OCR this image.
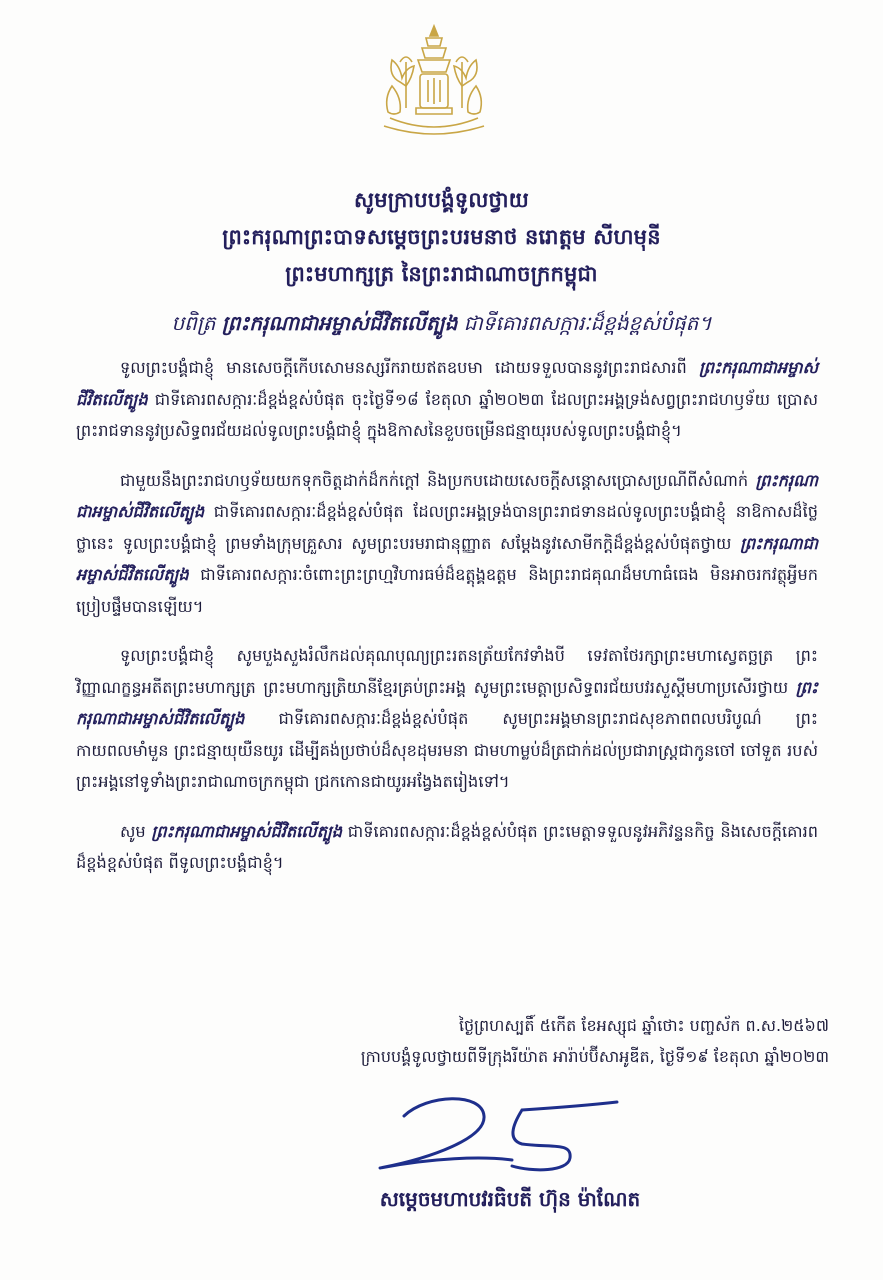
សូមក្រាបបង្គំទូលថ្វាយ
ព្រះករុណាព្រះបាទសម្តេចព្រះបរមនាថ នរោត្តម សីហមុនី
ព្រះមហាក្សត្រ នៃព្រះរាជាណាចក្រកម្ពុជា
បពិត្រ ព្រះករុណាជាអម្ចាស់ជីវិតលើត្បូង ជាទីគោរពសក្ការៈដ៏ខ្ពង់ខ្ពស់បំផុត។

ទូលព្រះបង្គំជាខ្ញុំ មានសេចក្តីកើបសោមនស្សរីករាយឥតឧបមា ដោយទទួលបាននូវព្រះរាជសារពី ព្រះករុណាជាអម្ចាស់ជីវិតលើត្បូង ជាទីគោរពសក្ការៈដ៏ខ្ពង់ខ្ពស់បំផុត ចុះថ្ងៃទី១៨ ខែតុលា ឆ្នាំ២០២៣ ដែលព្រះអង្គទ្រង់សព្វព្រះរាជហឫទ័យ ប្រោសព្រះរាជទាននូវប្រសិទ្ធពរជ័យដល់ទូលព្រះបង្គំជាខ្ញុំ ក្នុងឱកាសនៃខួបចម្រើនជន្មាយុរបស់ទូលព្រះបង្គំជាខ្ញុំ។

ជាមួយនឹងព្រះរាជហឫទ័យយកទុកចិត្តដាក់ដ៏កក់ក្តៅ និងប្រកបដោយសេចក្តីសន្តោសប្រោសប្រណីពីសំណាក់ ព្រះករុណាជាអម្ចាស់ជីវិតលើត្បូង ជាទីគោរពសក្ការៈដ៏ខ្ពង់ខ្ពស់បំផុត ដែលព្រះអង្គទ្រង់បានព្រះរាជទានដល់ទូលព្រះបង្គំជាខ្ញុំ នាឱកាសដ៏ថ្លៃថ្លានេះ ទូលព្រះបង្គំជាខ្ញុំ ព្រមទាំងក្រុមគ្រួសារ សូមព្រះបរមរាជានុញ្ញាត សម្តែងនូវសោមីកក្តិដ៏ខ្ពង់ខ្ពស់បំផុតថ្វាយ ព្រះករុណាជាអម្ចាស់ជីវិតលើត្បូង ជាទីគោរពសក្ការៈចំពោះព្រះព្រហ្មវិហារធម៌ដ៏ឧត្តុង្គឧត្តម និងព្រះរាជគុណដ៏មហាធំធេង មិនអាចរកវត្ថុអ្វីមកប្រៀបផ្ទឹមបានឡើយ។

ទូលព្រះបង្គំជាខ្ញុំ សូមបួងសួងរំលឹកដល់គុណបុណ្យព្រះរតនត្រ័យកែវទាំងបី ទេវតាថែរក្សាព្រះមហាស្វេតច្ឆត្រ ព្រះវិញ្ញាណក្ខន្ធអតីតព្រះមហាក្សត្រ ព្រះមហាក្សត្រិយានីខ្មែរគ្រប់ព្រះអង្គ សូមព្រះមេត្តាប្រសិទ្ធពរជ័យបវរសួស្តីមហាប្រសើរថ្វាយ ព្រះករុណាជាអម្ចាស់ជីវិតលើត្បូង ជាទីគោរពសក្ការៈដ៏ខ្ពង់ខ្ពស់បំផុត សូមព្រះអង្គមានព្រះរាជសុខភាពពលបរិបូណ៌ ព្រះកាយពលមាំមួន ព្រះជន្មាយុយឺនយូរ ដើម្បីគង់ប្រថាប់ដ៏សុខដុមរមនា ជាមហាម្លប់ដ៏ត្រជាក់ដល់ប្រជារាស្ត្រជាកូនចៅ ចៅទួត របស់ព្រះអង្គនៅទូទាំងព្រះរាជាណាចក្រកម្ពុជា ជ្រកកោនជាយូរអង្វែងតរៀងទៅ។

សូម ព្រះករុណាជាអម្ចាស់ជីវិតលើត្បូង ជាទីគោរពសក្ការៈដ៏ខ្ពង់ខ្ពស់បំផុត ព្រះមេត្តាទទួលនូវអភិវន្ទនកិច្ច និងសេចក្តីគោរពដ៏ខ្ពង់ខ្ពស់បំផុត ពីទូលព្រះបង្គំជាខ្ញុំ។

ថ្ងៃព្រហស្បតិ៍ ៥កើត ខែអស្សុជ ឆ្នាំថោះ បញ្ចស័ក ព.ស.២៥៦៧
ក្រាបបង្គំទូលថ្វាយពីទីក្រុងរីយ៉ាត អារ៉ាប់ប៊ីសាអូឌីត, ថ្ងៃទី១៩ ខែតុលា ឆ្នាំ២០២៣
សម្តេចមហាបវរធិបតី ហ៊ុន ម៉ាណែត
